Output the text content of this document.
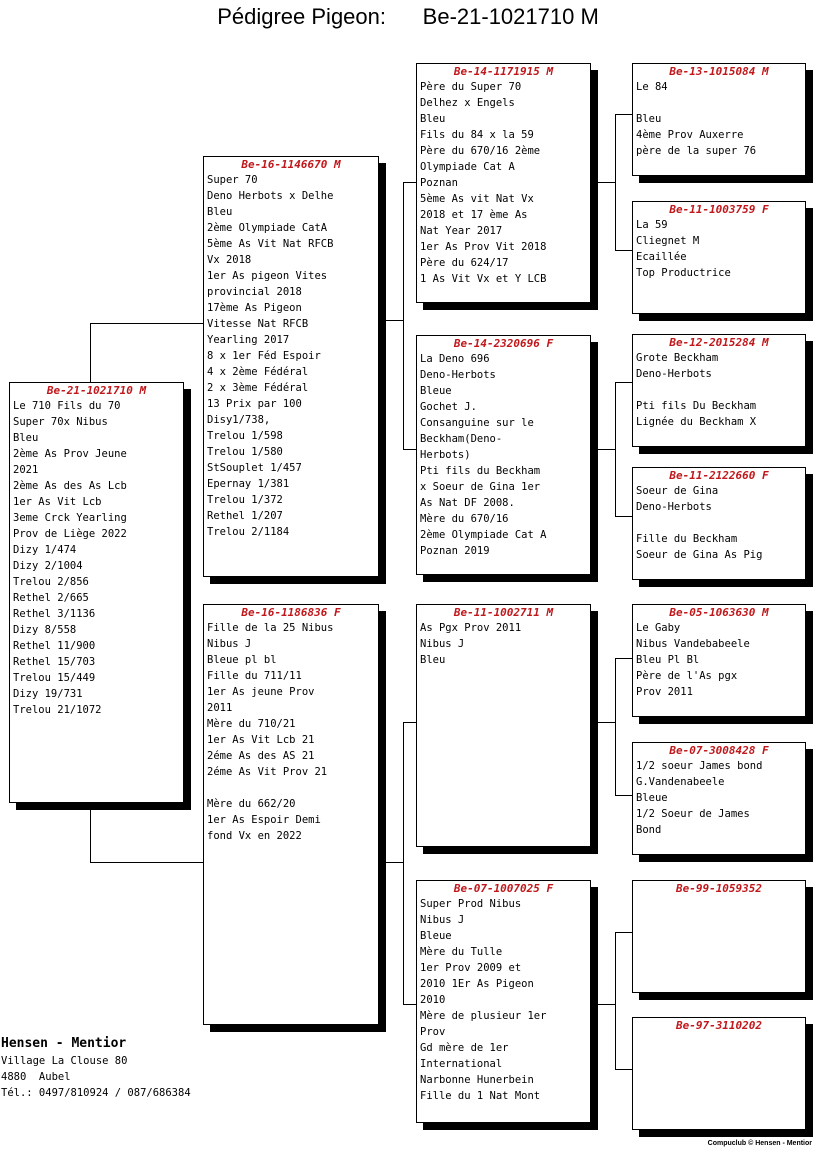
Pédigree Pigeon:      Be-21-1021710 M
Be-21-1021710 M
Le 710 Fils du 70
Super 70x Nibus
Bleu
2ème As Prov Jeune
2021
2ème As des As Lcb
1er As Vit Lcb
3eme Crck Yearling
Prov de Liège 2022
Dizy 1/474
Dizy 2/1004
Trelou 2/856
Rethel 2/665
Rethel 3/1136
Dizy 8/558
Rethel 11/900
Rethel 15/703
Trelou 15/449
Dizy 19/731
Trelou 21/1072
Be-16-1146670 M
Super 70
Deno Herbots x Delhe
Bleu
2ème Olympiade CatA
5ème As Vit Nat RFCB
Vx 2018
1er As pigeon Vites
provincial 2018
17ème As Pigeon
Vitesse Nat RFCB
Yearling 2017
8 x 1er Féd Espoir
4 x 2ème Fédéral
2 x 3ème Fédéral
13 Prix par 100
Disy1/738,
Trelou 1/598
Trelou 1/580
StSouplet 1/457
Epernay 1/381
Trelou 1/372
Rethel 1/207
Trelou 2/1184
Be-16-1186836 F
Fille de la 25 Nibus
Nibus J
Bleue pl bl
Fille du 711/11
1er As jeune Prov
2011
Mère du 710/21
1er As Vit Lcb 21
2éme As des AS 21
2éme As Vit Prov 21
Mère du 662/20
1er As Espoir Demi
fond Vx en 2022
Be-14-1171915 M
Père du Super 70
Delhez x Engels
Bleu
Fils du 84 x la 59
Père du 670/16 2ème
Olympiade Cat A
Poznan
5ème As vit Nat Vx
2018 et 17 ème As
Nat Year 2017
1er As Prov Vit 2018
Père du 624/17
1 As Vit Vx et Y LCB
Be-14-2320696 F
La Deno 696
Deno-Herbots
Bleue
Gochet J.
Consanguine sur le
Beckham(Deno-
Herbots)
Pti fils du Beckham
x Soeur de Gina 1er
As Nat DF 2008.
Mère du 670/16
2ème Olympiade Cat A
Poznan 2019
Be-11-1002711 M
As Pgx Prov 2011
Nibus J
Bleu
Be-07-1007025 F
Super Prod Nibus
Nibus J
Bleue
Mère du Tulle
1er Prov 2009 et
2010 1Er As Pigeon
2010
Mère de plusieur 1er
Prov
Gd mère de 1er
International
Narbonne Hunerbein
Fille du 1 Nat Mont
Be-13-1015084 M
Le 84
Bleu
4ème Prov Auxerre
père de la super 76
Be-11-1003759 F
La 59
Cliegnet M
Ecaillée
Top Productrice
Be-12-2015284 M
Grote Beckham
Deno-Herbots
Pti fils Du Beckham
Lignée du Beckham X
Be-11-2122660 F
Soeur de Gina
Deno-Herbots
Fille du Beckham
Soeur de Gina As Pig
Be-05-1063630 M
Le Gaby
Nibus Vandebabeele
Bleu Pl Bl
Père de l'As pgx
Prov 2011
Be-07-3008428 F
1/2 soeur James bond
G.Vandenabeele
Bleue
1/2 Soeur de James
Bond
Be-99-1059352
Be-97-3110202
Hensen - Mentior
Village La Clouse 80
4880  Aubel
Tél.: 0497/810924 / 087/686384
Compuclub © Hensen - Mentior
